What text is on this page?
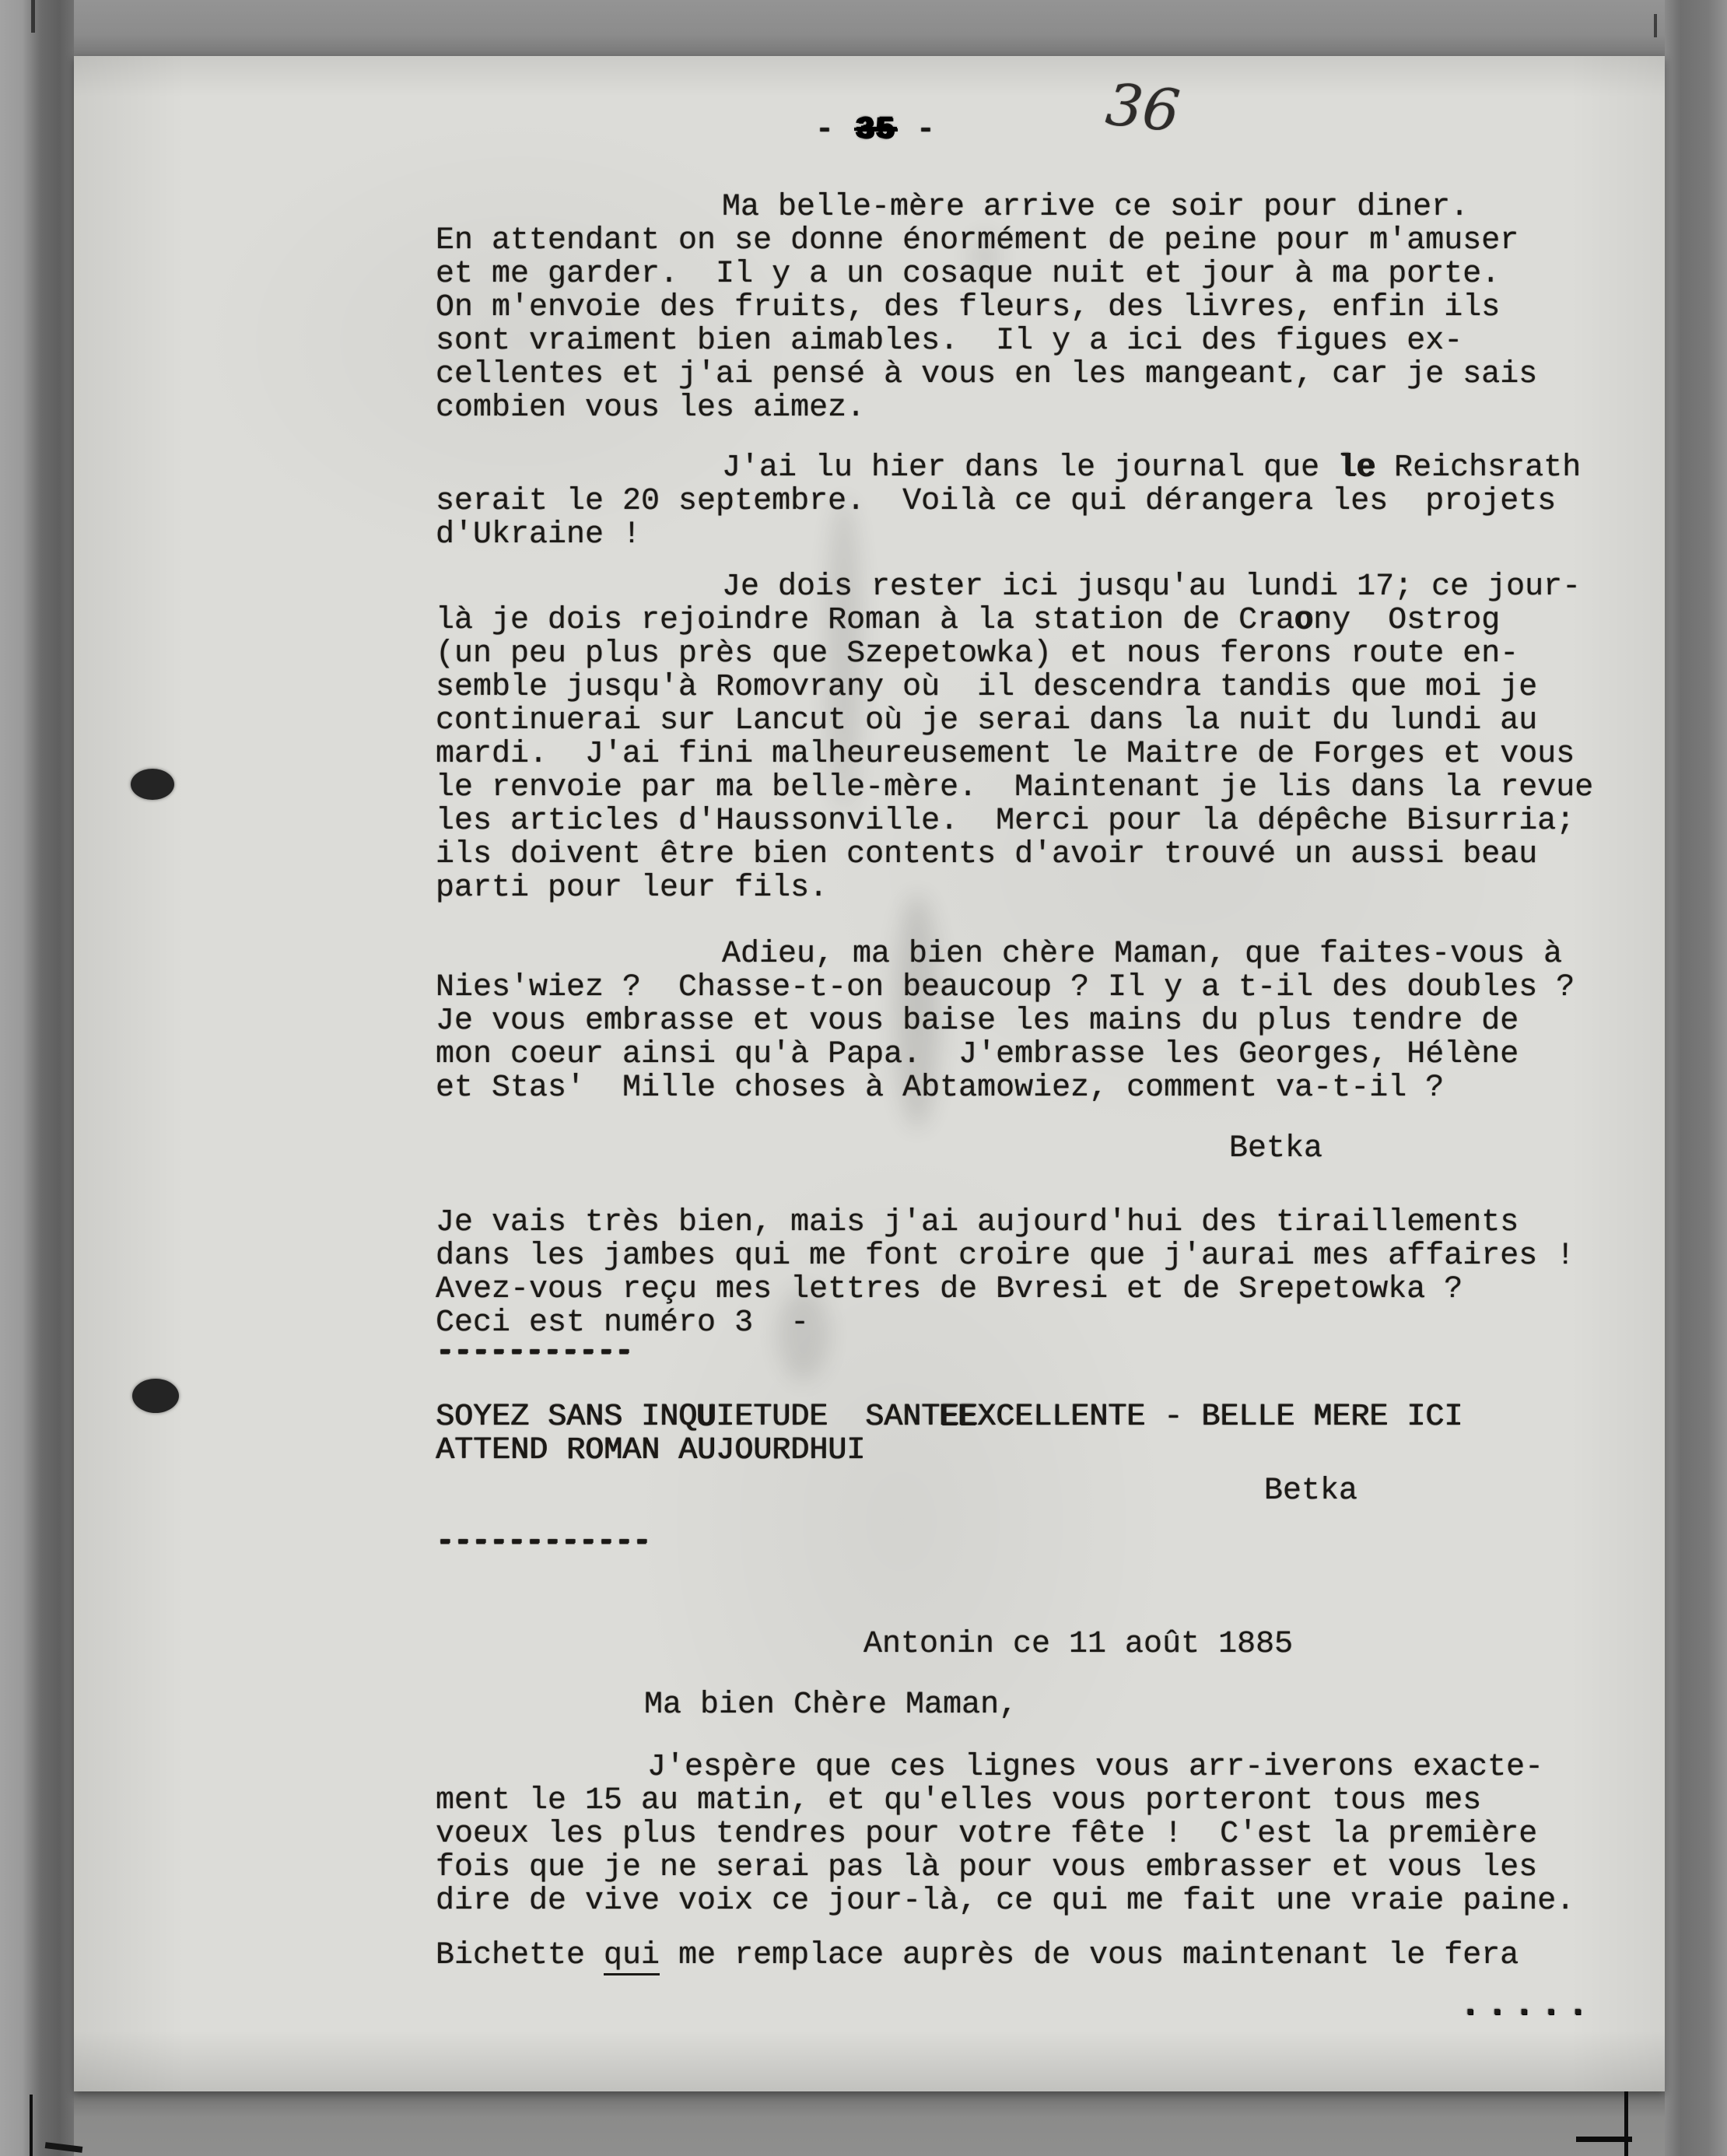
- 35 -	36
Ma belle-mère arrive ce soir pour diner.
En attendant on se donne énormément de peine pour m'amuser
et me garder.  Il y a un cosaque nuit et jour à ma porte.
On m'envoie des fruits, des fleurs, des livres, enfin ils
sont vraiment bien aimables.  Il y a ici des figues ex-
cellentes et j'ai pensé à vous en les mangeant, car je sais
combien vous les aimez.
J'ai lu hier dans le journal que le Reichsrath
serait le 20 septembre.  Voilà ce qui dérangera les  projets
d'Ukraine !
Je dois rester ici jusqu'au lundi 17; ce jour-
là je dois rejoindre Roman à la station de Craony  Ostrog
(un peu plus près que Szepetowka) et nous ferons route en-
semble jusqu'à Romovrany où  il descendra tandis que moi je
continuerai sur Lancut où je serai dans la nuit du lundi au
mardi.  J'ai fini malheureusement le Maitre de Forges et vous
le renvoie par ma belle-mère.  Maintenant je lis dans la revue
les articles d'Haussonville.  Merci pour la dépêche Bisurria;
ils doivent être bien contents d'avoir trouvé un aussi beau
parti pour leur fils.
Adieu, ma bien chère Maman, que faites-vous à
Nies'wiez ?  Chasse-t-on beaucoup ? Il y a t-il des doubles ?
Je vous embrasse et vous baise les mains du plus tendre de
mon coeur ainsi qu'à Papa.  J'embrasse les Georges, Hélène
et Stas'  Mille choses à Abtamowiez, comment va-t-il ?
Betka
Je vais très bien, mais j'ai aujourd'hui des tiraillements
dans les jambes qui me font croire que j'aurai mes affaires !
Avez-vous reçu mes lettres de Bvresi et de Srepetowka ?
Ceci est numéro 3  -
-----------
SOYEZ SANS INQUIETUDE  SANTEEXCELLENTE - BELLE MERE ICI
ATTEND ROMAN AUJOURDHUI
Betka
------------
Antonin ce 11 août 1885
Ma bien Chère Maman,
J'espère que ces lignes vous arr-iverons exacte-
ment le 15 au matin, et qu'elles vous porteront tous mes
voeux les plus tendres pour votre fête !  C'est la première
fois que je ne serai pas là pour vous embrasser et vous les
dire de vive voix ce jour-là, ce qui me fait une vraie paine.
Bichette qui me remplace auprès de vous maintenant le fera
.....
